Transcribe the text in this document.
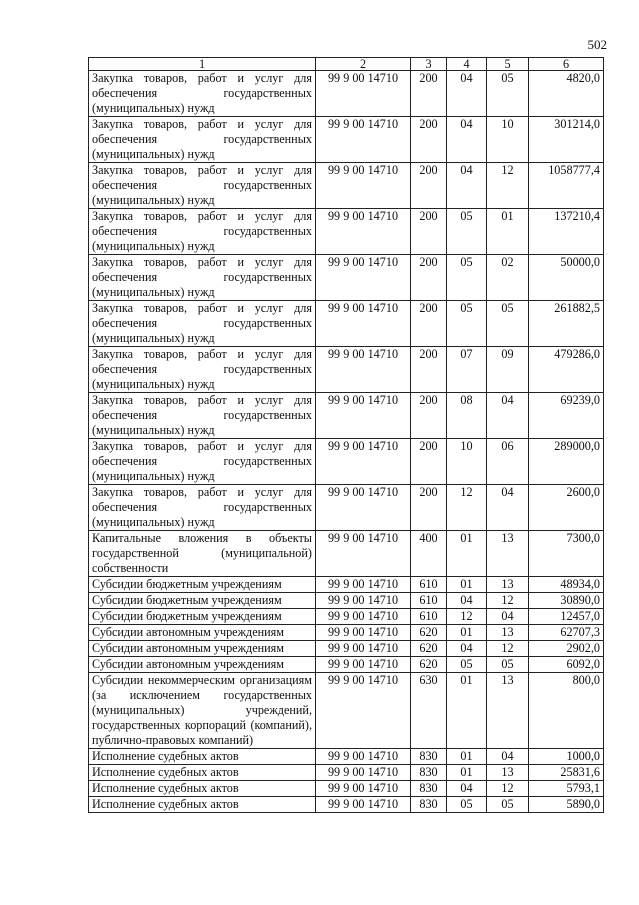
502
1	2	3	4	5	6
Закупка товаров, работ и услуг для обеспечения государственных (муниципальных) нужд	99 9 00 14710	200	04	05	4820,0
Закупка товаров, работ и услуг для обеспечения государственных (муниципальных) нужд	99 9 00 14710	200	04	10	301214,0
Закупка товаров, работ и услуг для обеспечения государственных (муниципальных) нужд	99 9 00 14710	200	04	12	1058777,4
Закупка товаров, работ и услуг для обеспечения государственных (муниципальных) нужд	99 9 00 14710	200	05	01	137210,4
Закупка товаров, работ и услуг для обеспечения государственных (муниципальных) нужд	99 9 00 14710	200	05	02	50000,0
Закупка товаров, работ и услуг для обеспечения государственных (муниципальных) нужд	99 9 00 14710	200	05	05	261882,5
Закупка товаров, работ и услуг для обеспечения государственных (муниципальных) нужд	99 9 00 14710	200	07	09	479286,0
Закупка товаров, работ и услуг для обеспечения государственных (муниципальных) нужд	99 9 00 14710	200	08	04	69239,0
Закупка товаров, работ и услуг для обеспечения государственных (муниципальных) нужд	99 9 00 14710	200	10	06	289000,0
Закупка товаров, работ и услуг для обеспечения государственных (муниципальных) нужд	99 9 00 14710	200	12	04	2600,0
Капитальные вложения в объекты государственной (муниципальной) собственности	99 9 00 14710	400	01	13	7300,0
Субсидии бюджетным учреждениям	99 9 00 14710	610	01	13	48934,0
Субсидии бюджетным учреждениям	99 9 00 14710	610	04	12	30890,0
Субсидии бюджетным учреждениям	99 9 00 14710	610	12	04	12457,0
Субсидии автономным учреждениям	99 9 00 14710	620	01	13	62707,3
Субсидии автономным учреждениям	99 9 00 14710	620	04	12	2902,0
Субсидии автономным учреждениям	99 9 00 14710	620	05	05	6092,0
Субсидии некоммерческим организациям (за исключением государственных (муниципальных) учреждений, государственных корпораций (компаний), публично-правовых компаний)	99 9 00 14710	630	01	13	800,0
Исполнение судебных актов	99 9 00 14710	830	01	04	1000,0
Исполнение судебных актов	99 9 00 14710	830	01	13	25831,6
Исполнение судебных актов	99 9 00 14710	830	04	12	5793,1
Исполнение судебных актов	99 9 00 14710	830	05	05	5890,0
